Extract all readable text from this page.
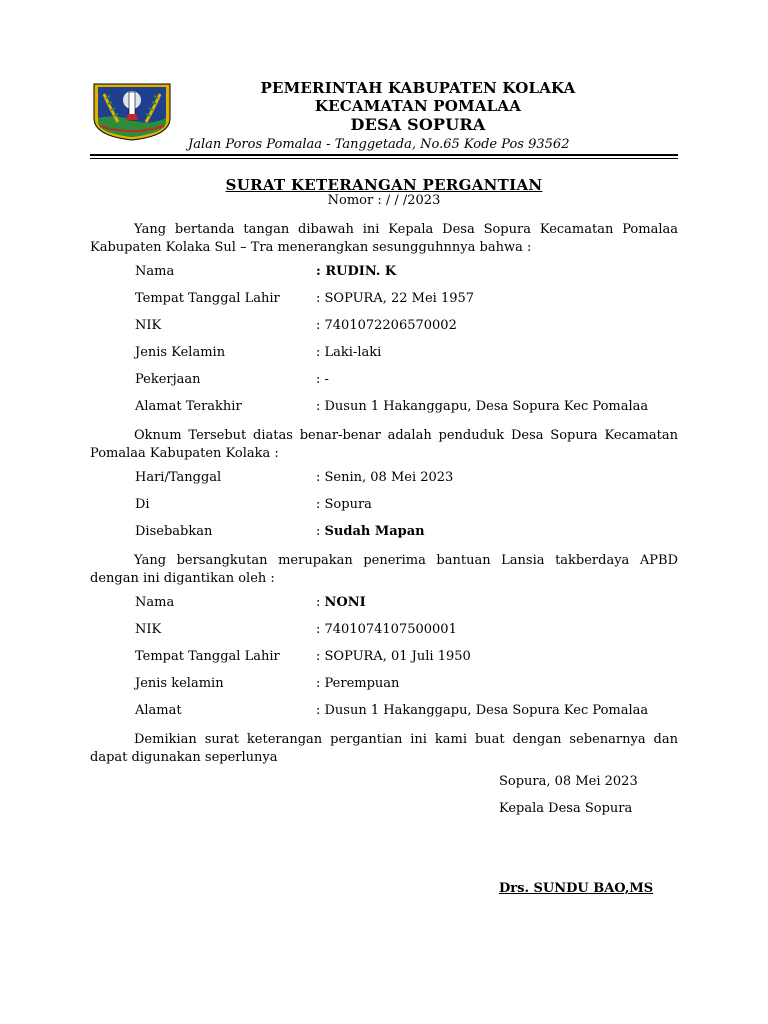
PEMERINTAH KABUPATEN KOLAKA
KECAMATAN POMALAA
DESA SOPURA
Jalan Poros Pomalaa - Tanggetada, No.65 Kode Pos 93562
SURAT KETERANGAN PERGANTIAN
Nomor : / / /2023
Yang bertanda tangan dibawah ini Kepala Desa Sopura Kecamatan Pomalaa Kabupaten Kolaka Sul – Tra menerangkan sesungguhnnya bahwa :
Nama	: RUDIN. K
Tempat Tanggal Lahir	: SOPURA, 22 Mei 1957
NIK	: 7401072206570002
Jenis Kelamin	: Laki-laki
Pekerjaan	: -
Alamat Terakhir	: Dusun 1 Hakanggapu, Desa Sopura Kec Pomalaa
Oknum Tersebut diatas benar-benar adalah penduduk Desa Sopura Kecamatan Pomalaa Kabupaten Kolaka :
Hari/Tanggal	: Senin, 08 Mei 2023
Di	: Sopura
Disebabkan	: Sudah Mapan
Yang bersangkutan merupakan penerima bantuan Lansia takberdaya APBD dengan ini digantikan oleh :
Nama	: NONI
NIK	: 7401074107500001
Tempat Tanggal Lahir	: SOPURA, 01 Juli 1950
Jenis kelamin	: Perempuan
Alamat	: Dusun 1 Hakanggapu, Desa Sopura Kec Pomalaa
Demikian surat keterangan pergantian ini kami buat dengan sebenarnya dan dapat digunakan seperlunya
Sopura, 08 Mei 2023
Kepala Desa Sopura
Drs. SUNDU BAO,MS
